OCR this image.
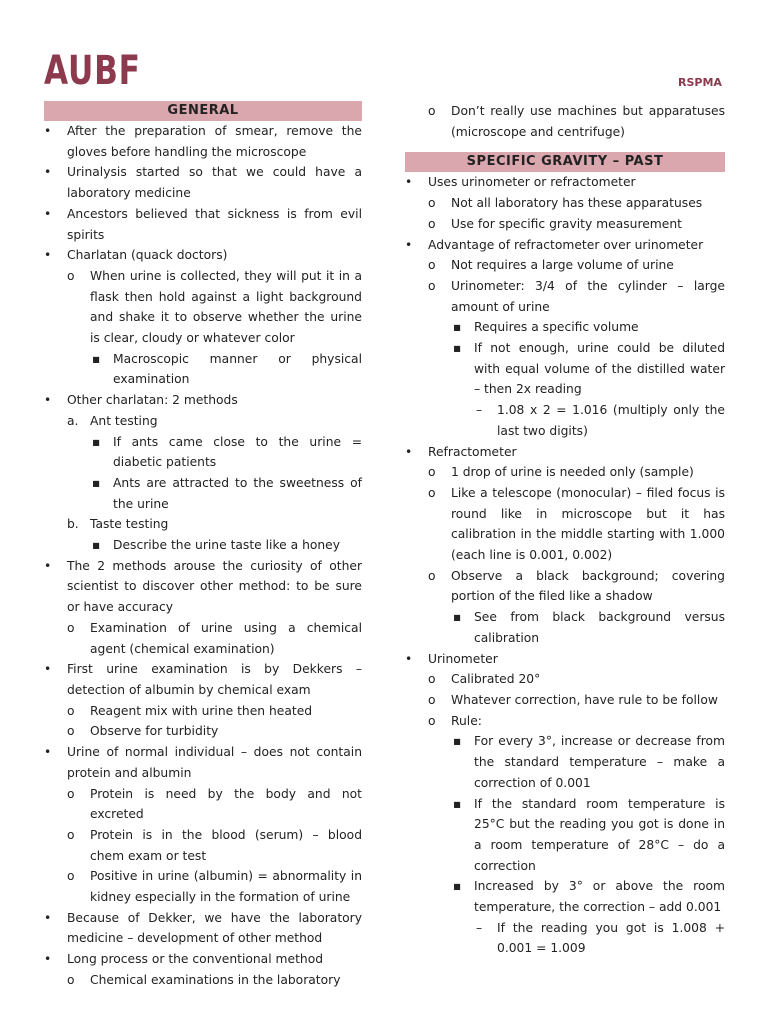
AUBF	RSPMA
GENERAL
•	After the preparation of smear, remove the gloves before handling the microscope
•	Urinalysis started so that we could have a laboratory medicine
•	Ancestors believed that sickness is from evil spirits
•	Charlatan (quack doctors)
o	When urine is collected, they will put it in a flask then hold against a light background and shake it to observe whether the urine is clear, cloudy or whatever color
▪	Macroscopic manner or physical examination
•	Other charlatan: 2 methods
a. Ant testing
▪	If ants came close to the urine = diabetic patients
▪	Ants are attracted to the sweetness of the urine
b. Taste testing
▪	Describe the urine taste like a honey
•	The 2 methods arouse the curiosity of other scientist to discover other method: to be sure or have accuracy
o	Examination of urine using a chemical agent (chemical examination)
•	First urine examination is by Dekkers – detection of albumin by chemical exam
o	Reagent mix with urine then heated
o	Observe for turbidity
•	Urine of normal individual – does not contain protein and albumin
o	Protein is need by the body and not excreted
o	Protein is in the blood (serum) – blood chem exam or test
o	Positive in urine (albumin) = abnormality in kidney especially in the formation of urine
•	Because of Dekker, we have the laboratory medicine – development of other method
•	Long process or the conventional method
o	Chemical examinations in the laboratory
o	Don’t really use machines but apparatuses (microscope and centrifuge)
SPECIFIC GRAVITY – PAST
•	Uses urinometer or refractometer
o	Not all laboratory has these apparatuses
o	Use for specific gravity measurement
•	Advantage of refractometer over urinometer
o	Not requires a large volume of urine
o	Urinometer: 3/4 of the cylinder – large amount of urine
▪	Requires a specific volume
▪	If not enough, urine could be diluted with equal volume of the distilled water – then 2x reading
–	1.08 x 2 = 1.016 (multiply only the last two digits)
•	Refractometer
o	1 drop of urine is needed only (sample)
o	Like a telescope (monocular) – filed focus is round like in microscope but it has calibration in the middle starting with 1.000 (each line is 0.001, 0.002)
o	Observe a black background; covering portion of the filed like a shadow
▪	See from black background versus calibration
•	Urinometer
o	Calibrated 20°
o	Whatever correction, have rule to be follow
o	Rule:
▪	For every 3°, increase or decrease from the standard temperature – make a correction of 0.001
▪	If the standard room temperature is 25°C but the reading you got is done in a room temperature of 28°C – do a correction
▪	Increased by 3° or above the room temperature, the correction – add 0.001
–	If the reading you got is 1.008 + 0.001 = 1.009
